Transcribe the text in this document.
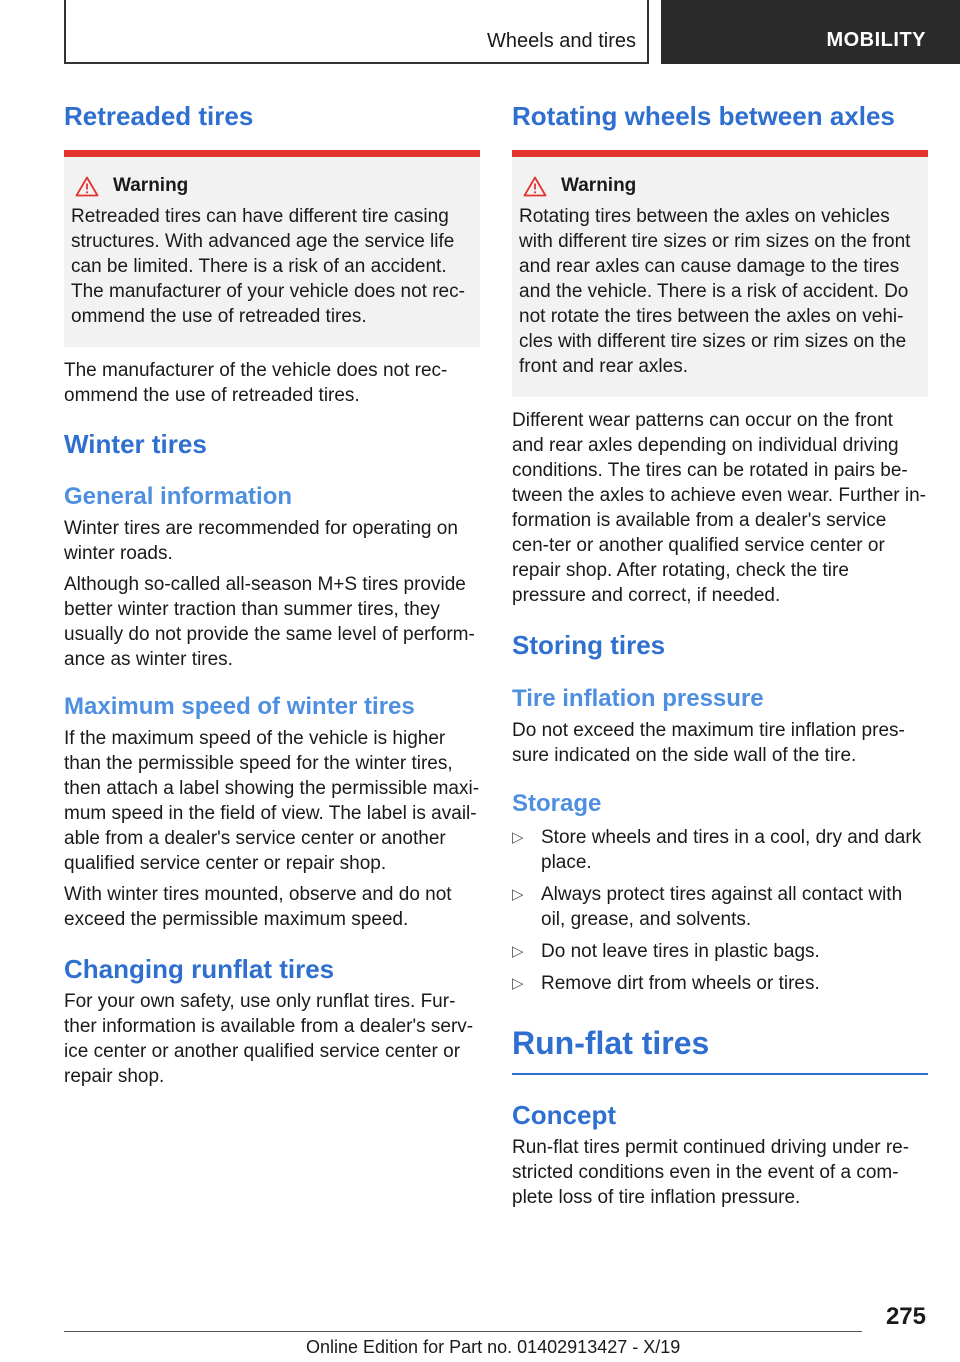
Wheels and tires	MOBILITY
Retreaded tires
Warning

Retreaded tires can have different tire casing structures. With advanced age the service life can be limited. There is a risk of an accident. The manufacturer of your vehicle does not rec-ommend the use of retreaded tires.

The manufacturer of the vehicle does not rec-ommend the use of retreaded tires.

Winter tires
General information

Winter tires are recommended for operating on winter roads.

Although so-called all-season M+S tires provide better winter traction than summer tires, they usually do not provide the same level of perform-ance as winter tires.

Maximum speed of winter tires

If the maximum speed of the vehicle is higher than the permissible speed for the winter tires, then attach a label showing the permissible maxi-mum speed in the field of view. The label is avail-able from a dealer's service center or another qualified service center or repair shop.

With winter tires mounted, observe and do not exceed the permissible maximum speed.

Changing runflat tires

For your own safety, use only runflat tires. Fur-ther information is available from a dealer's serv-ice center or another qualified service center or repair shop.

Rotating wheels between axles
Warning

Rotating tires between the axles on vehicles with different tire sizes or rim sizes on the front and rear axles can cause damage to the tires and the vehicle. There is a risk of accident. Do not rotate the tires between the axles on vehi-cles with different tire sizes or rim sizes on the front and rear axles.

Different wear patterns can occur on the front and rear axles depending on individual driving conditions. The tires can be rotated in pairs be-tween the axles to achieve even wear. Further in-formation is available from a dealer's service cen-ter or another qualified service center or repair shop. After rotating, check the tire pressure and correct, if needed.

Storing tires
Tire inflation pressure

Do not exceed the maximum tire inflation pres-sure indicated on the side wall of the tire.

Storage
▷ Store wheels and tires in a cool, dry and dark place.
▷ Always protect tires against all contact with oil, grease, and solvents.
▷ Do not leave tires in plastic bags.
▷ Remove dirt from wheels or tires.
Run-flat tires
Concept

Run-flat tires permit continued driving under re-stricted conditions even in the event of a com-plete loss of tire inflation pressure.

275
Online Edition for Part no. 01402913427 - X/19
